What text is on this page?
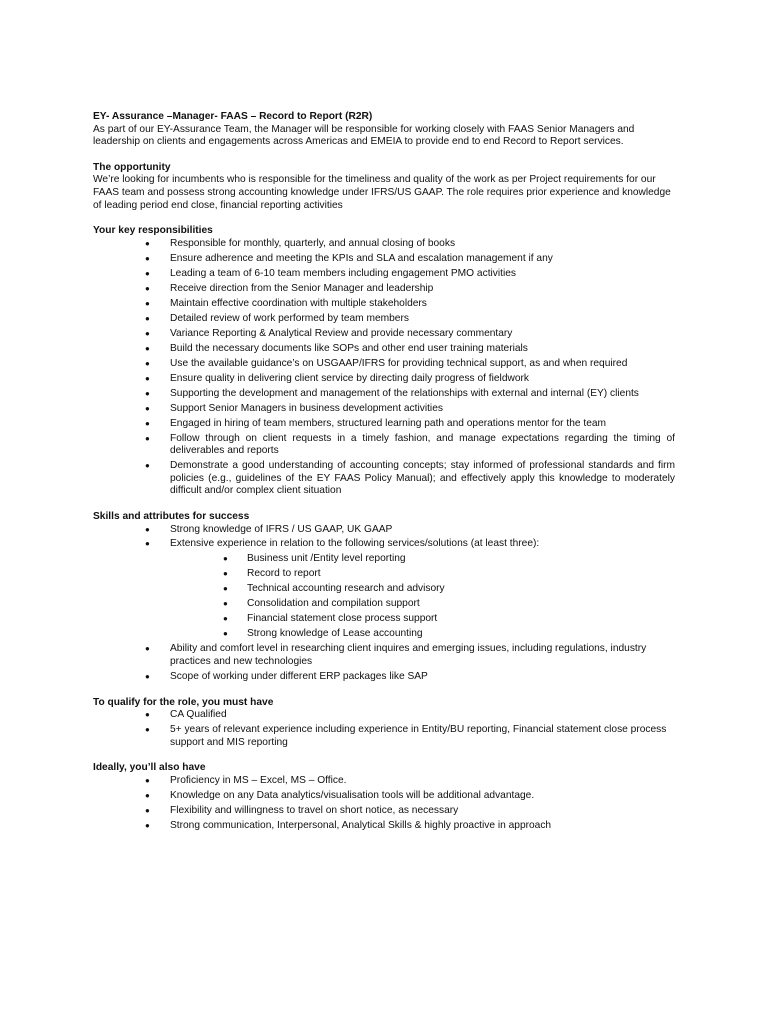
EY- Assurance –Manager- FAAS – Record to Report (R2R)

As part of our EY-Assurance Team, the Manager will be responsible for working closely with FAAS Senior Managers and leadership on clients and engagements across Americas and EMEIA to provide end to end Record to Report services.

The opportunity

We’re looking for incumbents who is responsible for the timeliness and quality of the work as per Project requirements for our FAAS team and possess strong accounting knowledge under IFRS/US GAAP. The role requires prior experience and knowledge of leading period end close, financial reporting activities

Your key responsibilities

● Responsible for monthly, quarterly, and annual closing of books
● Ensure adherence and meeting the KPIs and SLA and escalation management if any
● Leading a team of 6-10 team members including engagement PMO activities
● Receive direction from the Senior Manager and leadership
● Maintain effective coordination with multiple stakeholders
● Detailed review of work performed by team members
● Variance Reporting & Analytical Review and provide necessary commentary
● Build the necessary documents like SOPs and other end user training materials
● Use the available guidance’s on USGAAP/IFRS for providing technical support, as and when required
● Ensure quality in delivering client service by directing daily progress of fieldwork
● Supporting the development and management of the relationships with external and internal (EY) clients
● Support Senior Managers in business development activities
● Engaged in hiring of team members, structured learning path and operations mentor for the team
● Follow through on client requests in a timely fashion, and manage expectations regarding the timing of deliverables and reports
● Demonstrate a good understanding of accounting concepts; stay informed of professional standards and firm policies (e.g., guidelines of the EY FAAS Policy Manual); and effectively apply this knowledge to moderately difficult and/or complex client situation

Skills and attributes for success

● Strong knowledge of IFRS / US GAAP, UK GAAP
● Extensive experience in relation to the following services/solutions (at least three):
● Business unit /Entity level reporting
● Record to report
● Technical accounting research and advisory
● Consolidation and compilation support
● Financial statement close process support
● Strong knowledge of Lease accounting
● Ability and comfort level in researching client inquires and emerging issues, including regulations, industry practices and new technologies
● Scope of working under different ERP packages like SAP

To qualify for the role, you must have

● CA Qualified
● 5+ years of relevant experience including experience in Entity/BU reporting, Financial statement close process support and MIS reporting

Ideally, you’ll also have

● Proficiency in MS – Excel, MS – Office.
● Knowledge on any Data analytics/visualisation tools will be additional advantage.
● Flexibility and willingness to travel on short notice, as necessary
● Strong communication, Interpersonal, Analytical Skills & highly proactive in approach
